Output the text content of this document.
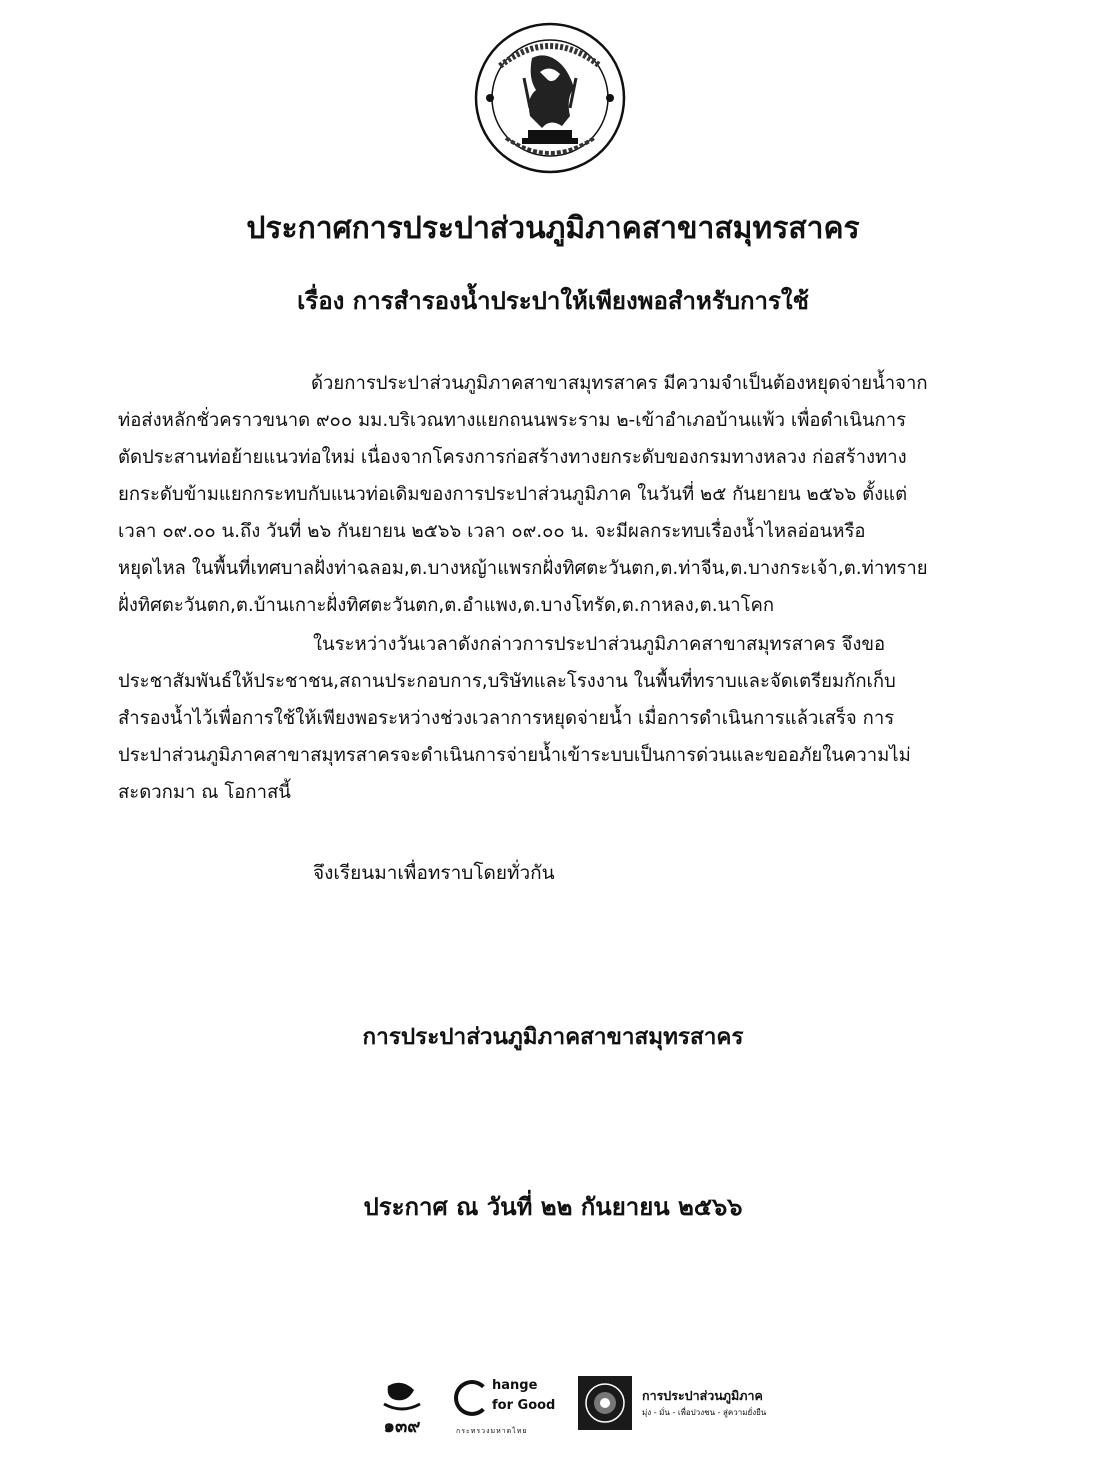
ประกาศการประปาส่วนภูมิภาคสาขาสมุทรสาคร
เรื่อง การสำรองน้ำประปาให้เพียงพอสำหรับการใช้
ด้วยการประปาส่วนภูมิภาคสาขาสมุทรสาคร มีความจำเป็นต้องหยุดจ่ายน้ำจาก
ท่อส่งหลักชั่วคราวขนาด ๙๐๐ มม.บริเวณทางแยกถนนพระราม ๒-เข้าอำเภอบ้านแพ้ว เพื่อดำเนินการ
ตัดประสานท่อย้ายแนวท่อใหม่ เนื่องจากโครงการก่อสร้างทางยกระดับของกรมทางหลวง ก่อสร้างทาง
ยกระดับข้ามแยกกระทบกับแนวท่อเดิมของการประปาส่วนภูมิภาค ในวันที่ ๒๕ กันยายน ๒๕๖๖ ตั้งแต่
เวลา ๐๙.๐๐ น.ถึง วันที่ ๒๖ กันยายน ๒๕๖๖ เวลา ๐๙.๐๐ น. จะมีผลกระทบเรื่องน้ำไหลอ่อนหรือ
หยุดไหล ในพื้นที่เทศบาลฝั่งท่าฉลอม,ต.บางหญ้าแพรกฝั่งทิศตะวันตก,ต.ท่าจีน,ต.บางกระเจ้า,ต.ท่าทราย
ฝั่งทิศตะวันตก,ต.บ้านเกาะฝั่งทิศตะวันตก,ต.อำแพง,ต.บางโทรัด,ต.กาหลง,ต.นาโคก
ในระหว่างวันเวลาดังกล่าวการประปาส่วนภูมิภาคสาขาสมุทรสาคร จึงขอ
ประชาสัมพันธ์ให้ประชาชน,สถานประกอบการ,บริษัทและโรงงาน ในพื้นที่ทราบและจัดเตรียมกักเก็บ
สำรองน้ำไว้เพื่อการใช้ให้เพียงพอระหว่างช่วงเวลาการหยุดจ่ายน้ำ เมื่อการดำเนินการแล้วเสร็จ การ
ประปาส่วนภูมิภาคสาขาสมุทรสาครจะดำเนินการจ่ายน้ำเข้าระบบเป็นการด่วนและขออภัยในความไม่
สะดวกมา ณ โอกาสนี้
จึงเรียนมาเพื่อทราบโดยทั่วกัน
การประปาส่วนภูมิภาคสาขาสมุทรสาคร
ประกาศ ณ วันที่ ๒๒ กันยายน ๒๕๖๖
๑๓๙
hange
for Good
กระทรวงมหาดไทย
การประปาส่วนภูมิภาค
มุ่ง - มั่น - เพื่อปวงชน - สู่ความยั่งยืน
